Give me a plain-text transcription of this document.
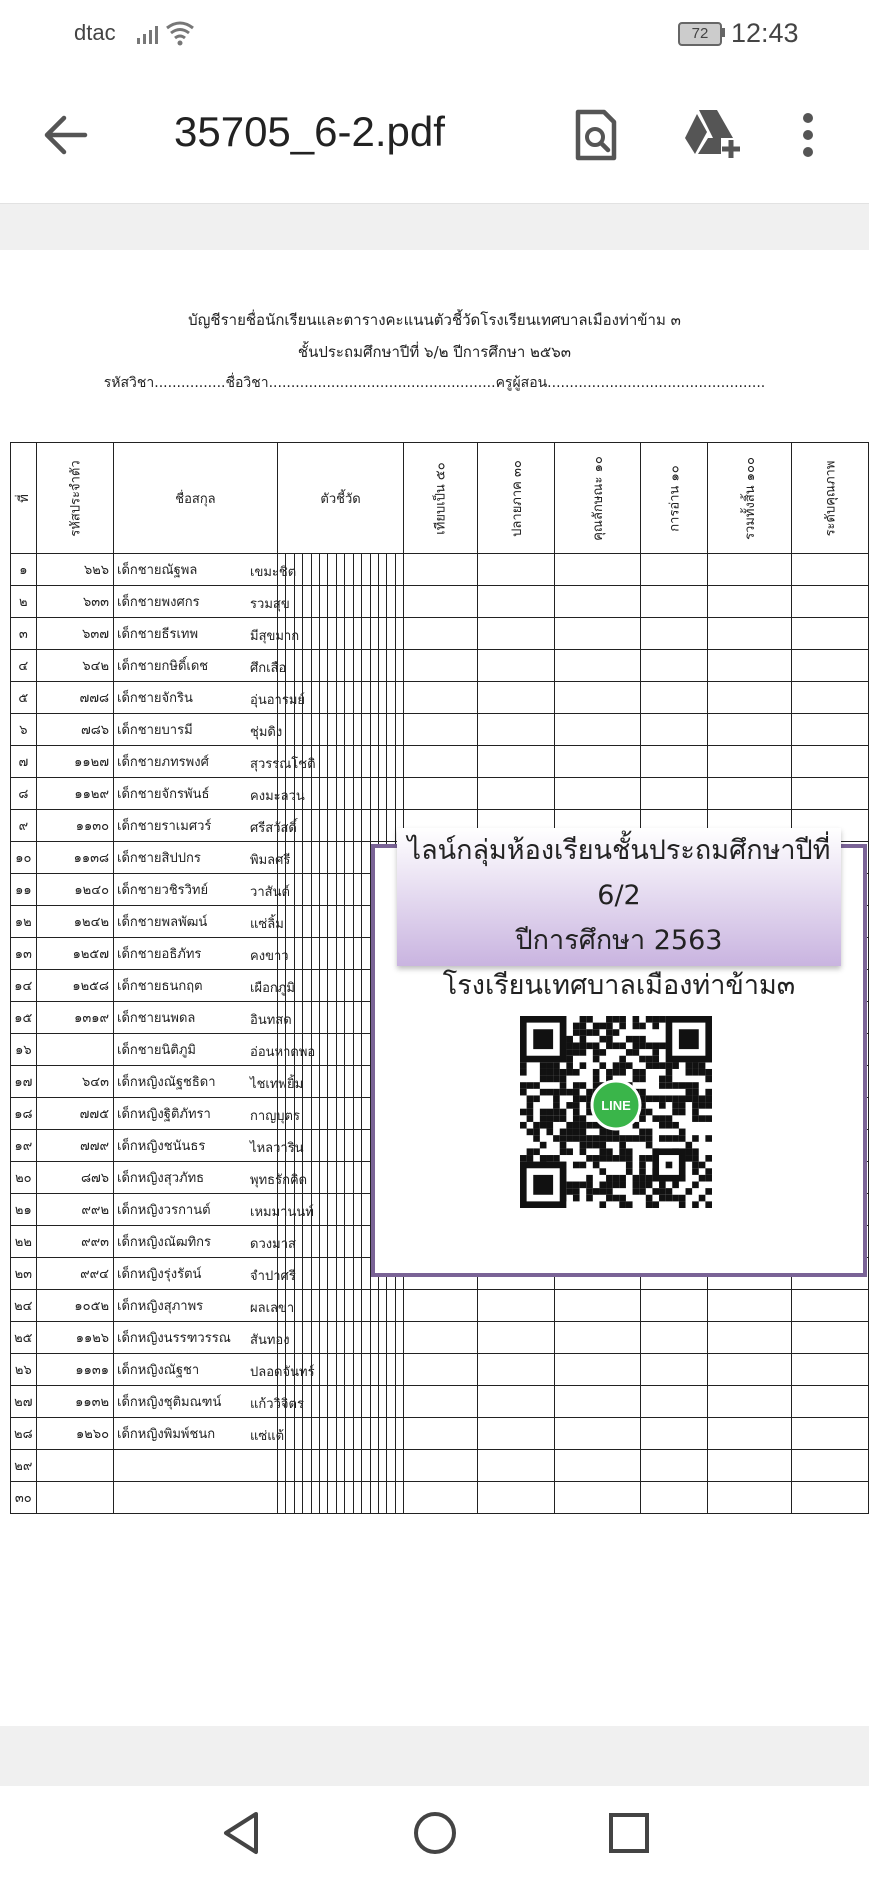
dtac	72 12:43
35705_6-2.pdf
บัญชีรายชื่อนักเรียนและตารางคะแนนตัวชี้วัดโรงเรียนเทศบาลเมืองท่าข้าม ๓
ชั้นประถมศึกษาปีที่ ๖/๒ ปีการศึกษา ๒๕๖๓
รหัสวิชา................ชื่อวิชา...................................................ครูผู้สอน.................................................
ที่	รหัสประจำตัว	ชื่อสกุล	ตัวชี้วัด															เทียบเป็น ๕๐	ปลายภาค ๓๐	คุณลักษณะ ๑๐	การอ่าน ๑๐	รวมทั้งสิ้น ๑๐๐	ระดับคุณภาพ
๑	๖๒๖	เด็กชายณัฐพล เขมะชิต																					

๒	๖๓๓	เด็กชายพงศกร รวมสุข																					

๓	๖๓๗	เด็กชายธีรเทพ มีสุขมาก																					

๔	๖๔๒	เด็กชายกษิดิ์เดช ศึกเสือ																					

๕	๗๗๘	เด็กชายจักริน อุ่นอารมย์																					

๖	๗๘๖	เด็กชายบารมี ชุ่มดิง																					

๗	๑๑๒๗	เด็กชายภทรพงศ์ สุวรรณโชติ																					

๘	๑๑๒๙	เด็กชายจักรพันธ์ คงมะลวน																					

๙	๑๑๓๐	เด็กชายราเมศวร์ ศรีสวัสดิ์																					

๑๐	๑๑๓๘	เด็กชายสิปปกร พิมลศรี																					

๑๑	๑๒๔๐	เด็กชายวชิรวิทย์ วาสันต์																					

๑๒	๑๒๔๒	เด็กชายพลพัฒน์ แซ่ลิ้ม																					

๑๓	๑๒๕๗	เด็กชายอธิภัทร คงขาว																					

๑๔	๑๒๕๘	เด็กชายธนกฤต เผือกภูมิ																					

๑๕	๑๓๑๙	เด็กชายนพดล อินทสด																					

๑๖		เด็กชายนิติภูมิ อ่อนหาดพอ																					

๑๗	๖๔๓	เด็กหญิงณัฐชธิดา ไชเทพยิ้ม																					

๑๘	๗๗๕	เด็กหญิงฐิติภัทรา กาญบุตร																					

๑๙	๗๗๙	เด็กหญิงชนันธร ไหลวาริน																					

๒๐	๘๗๖	เด็กหญิงสุวภัทธ พุทธรักคิด																					

๒๑	๙๙๒	เด็กหญิงวรกานต์ เหมมานนท์																					

๒๒	๙๙๓	เด็กหญิงณัฒทิกร ดวงมาส																					

๒๓	๙๙๔	เด็กหญิงรุ่งรัตน์ จำปาศรี																					

๒๔	๑๐๕๒	เด็กหญิงสุภาพร ผลเลขา																					

๒๕	๑๑๒๖	เด็กหญิงนรรฑวรรณ สันทอง																					

๒๖	๑๑๓๑	เด็กหญิงณัฐชา ปลอดจันทร์																					

๒๗	๑๑๓๒	เด็กหญิงชุติมณฑน์ แก้ววิจิตร																					

๒๘	๑๒๖๐	เด็กหญิงพิมพ์ชนก แซ่แต้																					

๒๙		

๓๐		

ไลน์กลุ่มห้องเรียนชั้นประถมศึกษาปีที่ 6/2
ปีการศึกษา 2563
โรงเรียนเทศบาลเมืองท่าข้าม๓
LINE
